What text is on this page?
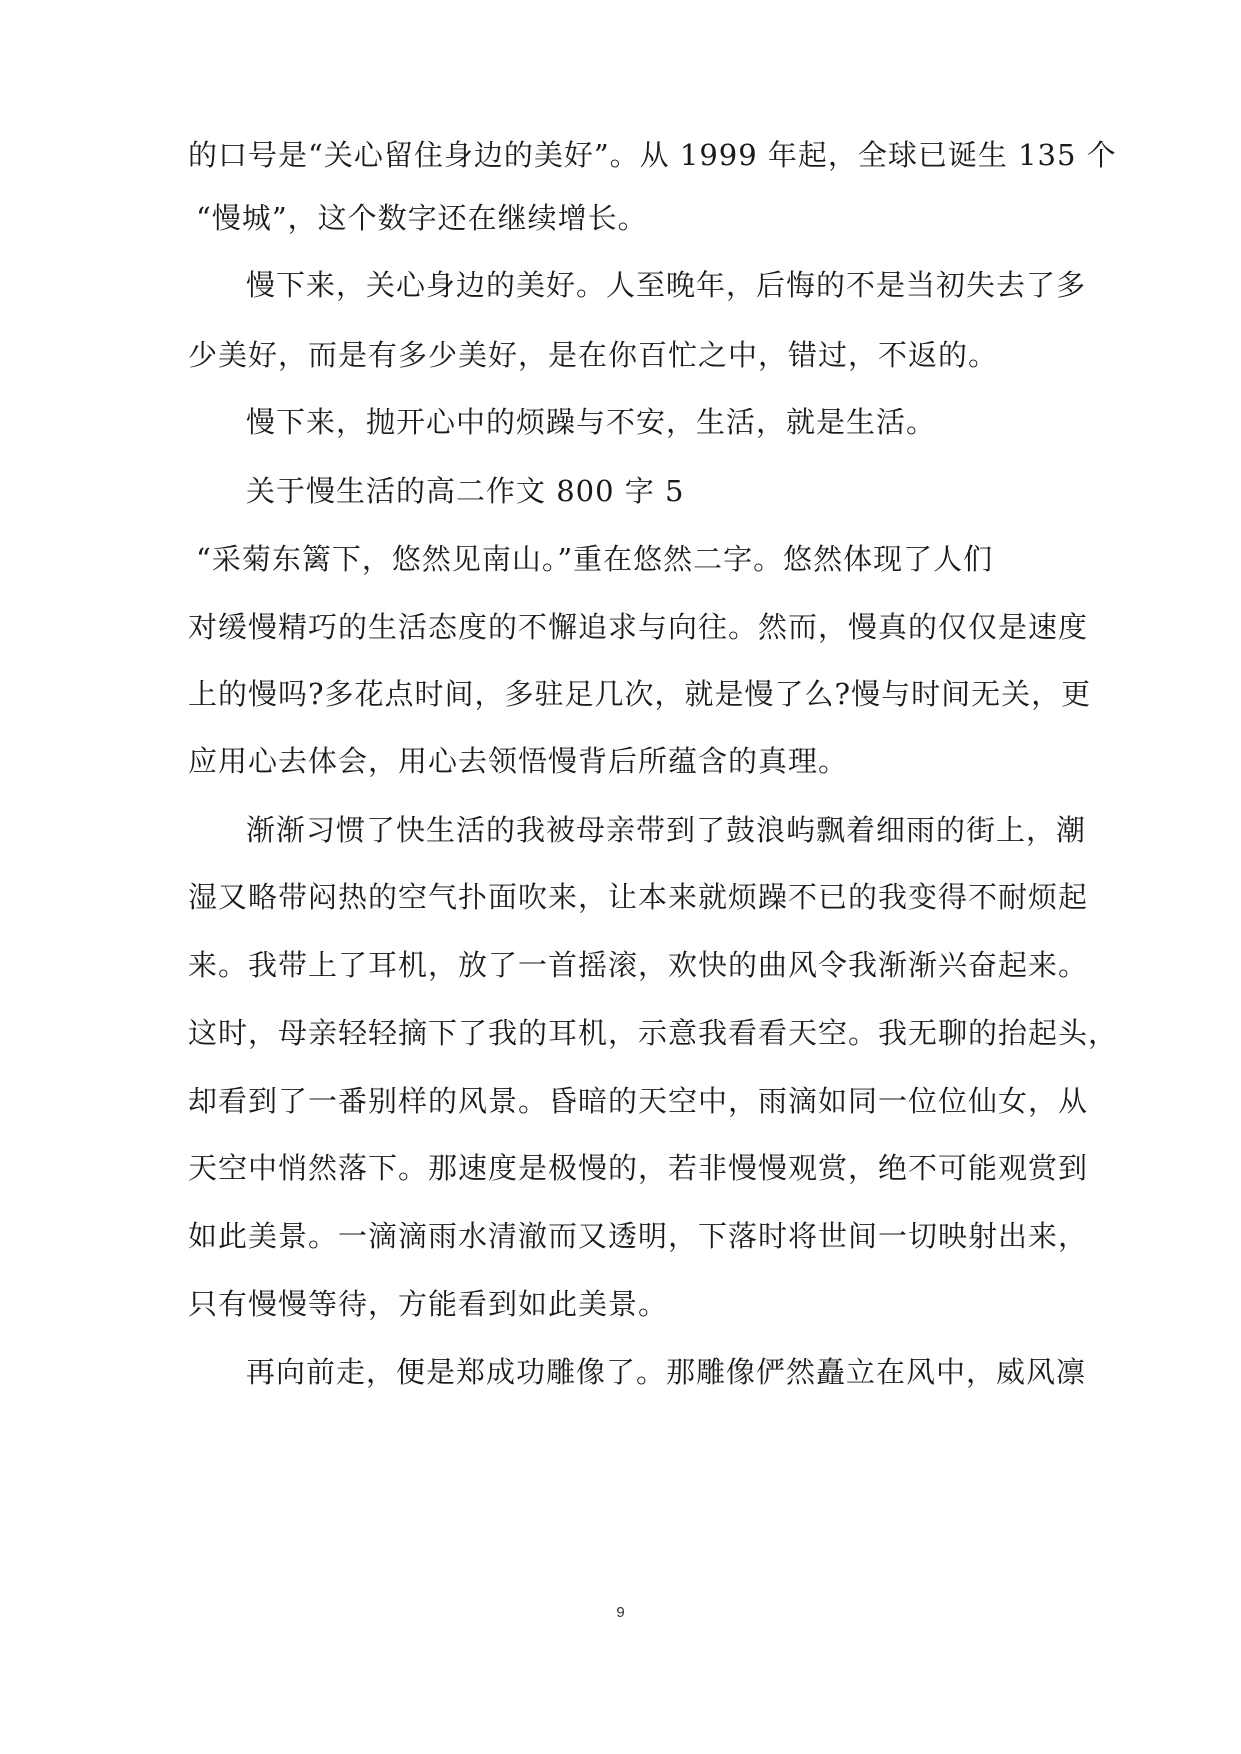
的口号是“关心留住身边的美好”。从 1999 年起，全球已诞生 135 个
“慢城”，这个数字还在继续增长。
慢下来，关心身边的美好。人至晚年，后悔的不是当初失去了多
少美好，而是有多少美好，是在你百忙之中，错过，不返的。
慢下来，抛开心中的烦躁与不安，生活，就是生活。
关于慢生活的高二作文 800 字 5
“采菊东篱下，悠然见南山。”重在悠然二字。悠然体现了人们
对缓慢精巧的生活态度的不懈追求与向往。然而，慢真的仅仅是速度
上的慢吗?多花点时间，多驻足几次，就是慢了么?慢与时间无关，更
应用心去体会，用心去领悟慢背后所蕴含的真理。
渐渐习惯了快生活的我被母亲带到了鼓浪屿飘着细雨的街上，潮
湿又略带闷热的空气扑面吹来，让本来就烦躁不已的我变得不耐烦起
来。我带上了耳机，放了一首摇滚，欢快的曲风令我渐渐兴奋起来。
这时，母亲轻轻摘下了我的耳机，示意我看看天空。我无聊的抬起头，
却看到了一番别样的风景。昏暗的天空中，雨滴如同一位位仙女，从
天空中悄然落下。那速度是极慢的，若非慢慢观赏，绝不可能观赏到
如此美景。一滴滴雨水清澈而又透明，下落时将世间一切映射出来，
只有慢慢等待，方能看到如此美景。
再向前走，便是郑成功雕像了。那雕像俨然矗立在风中，威风凛
9
